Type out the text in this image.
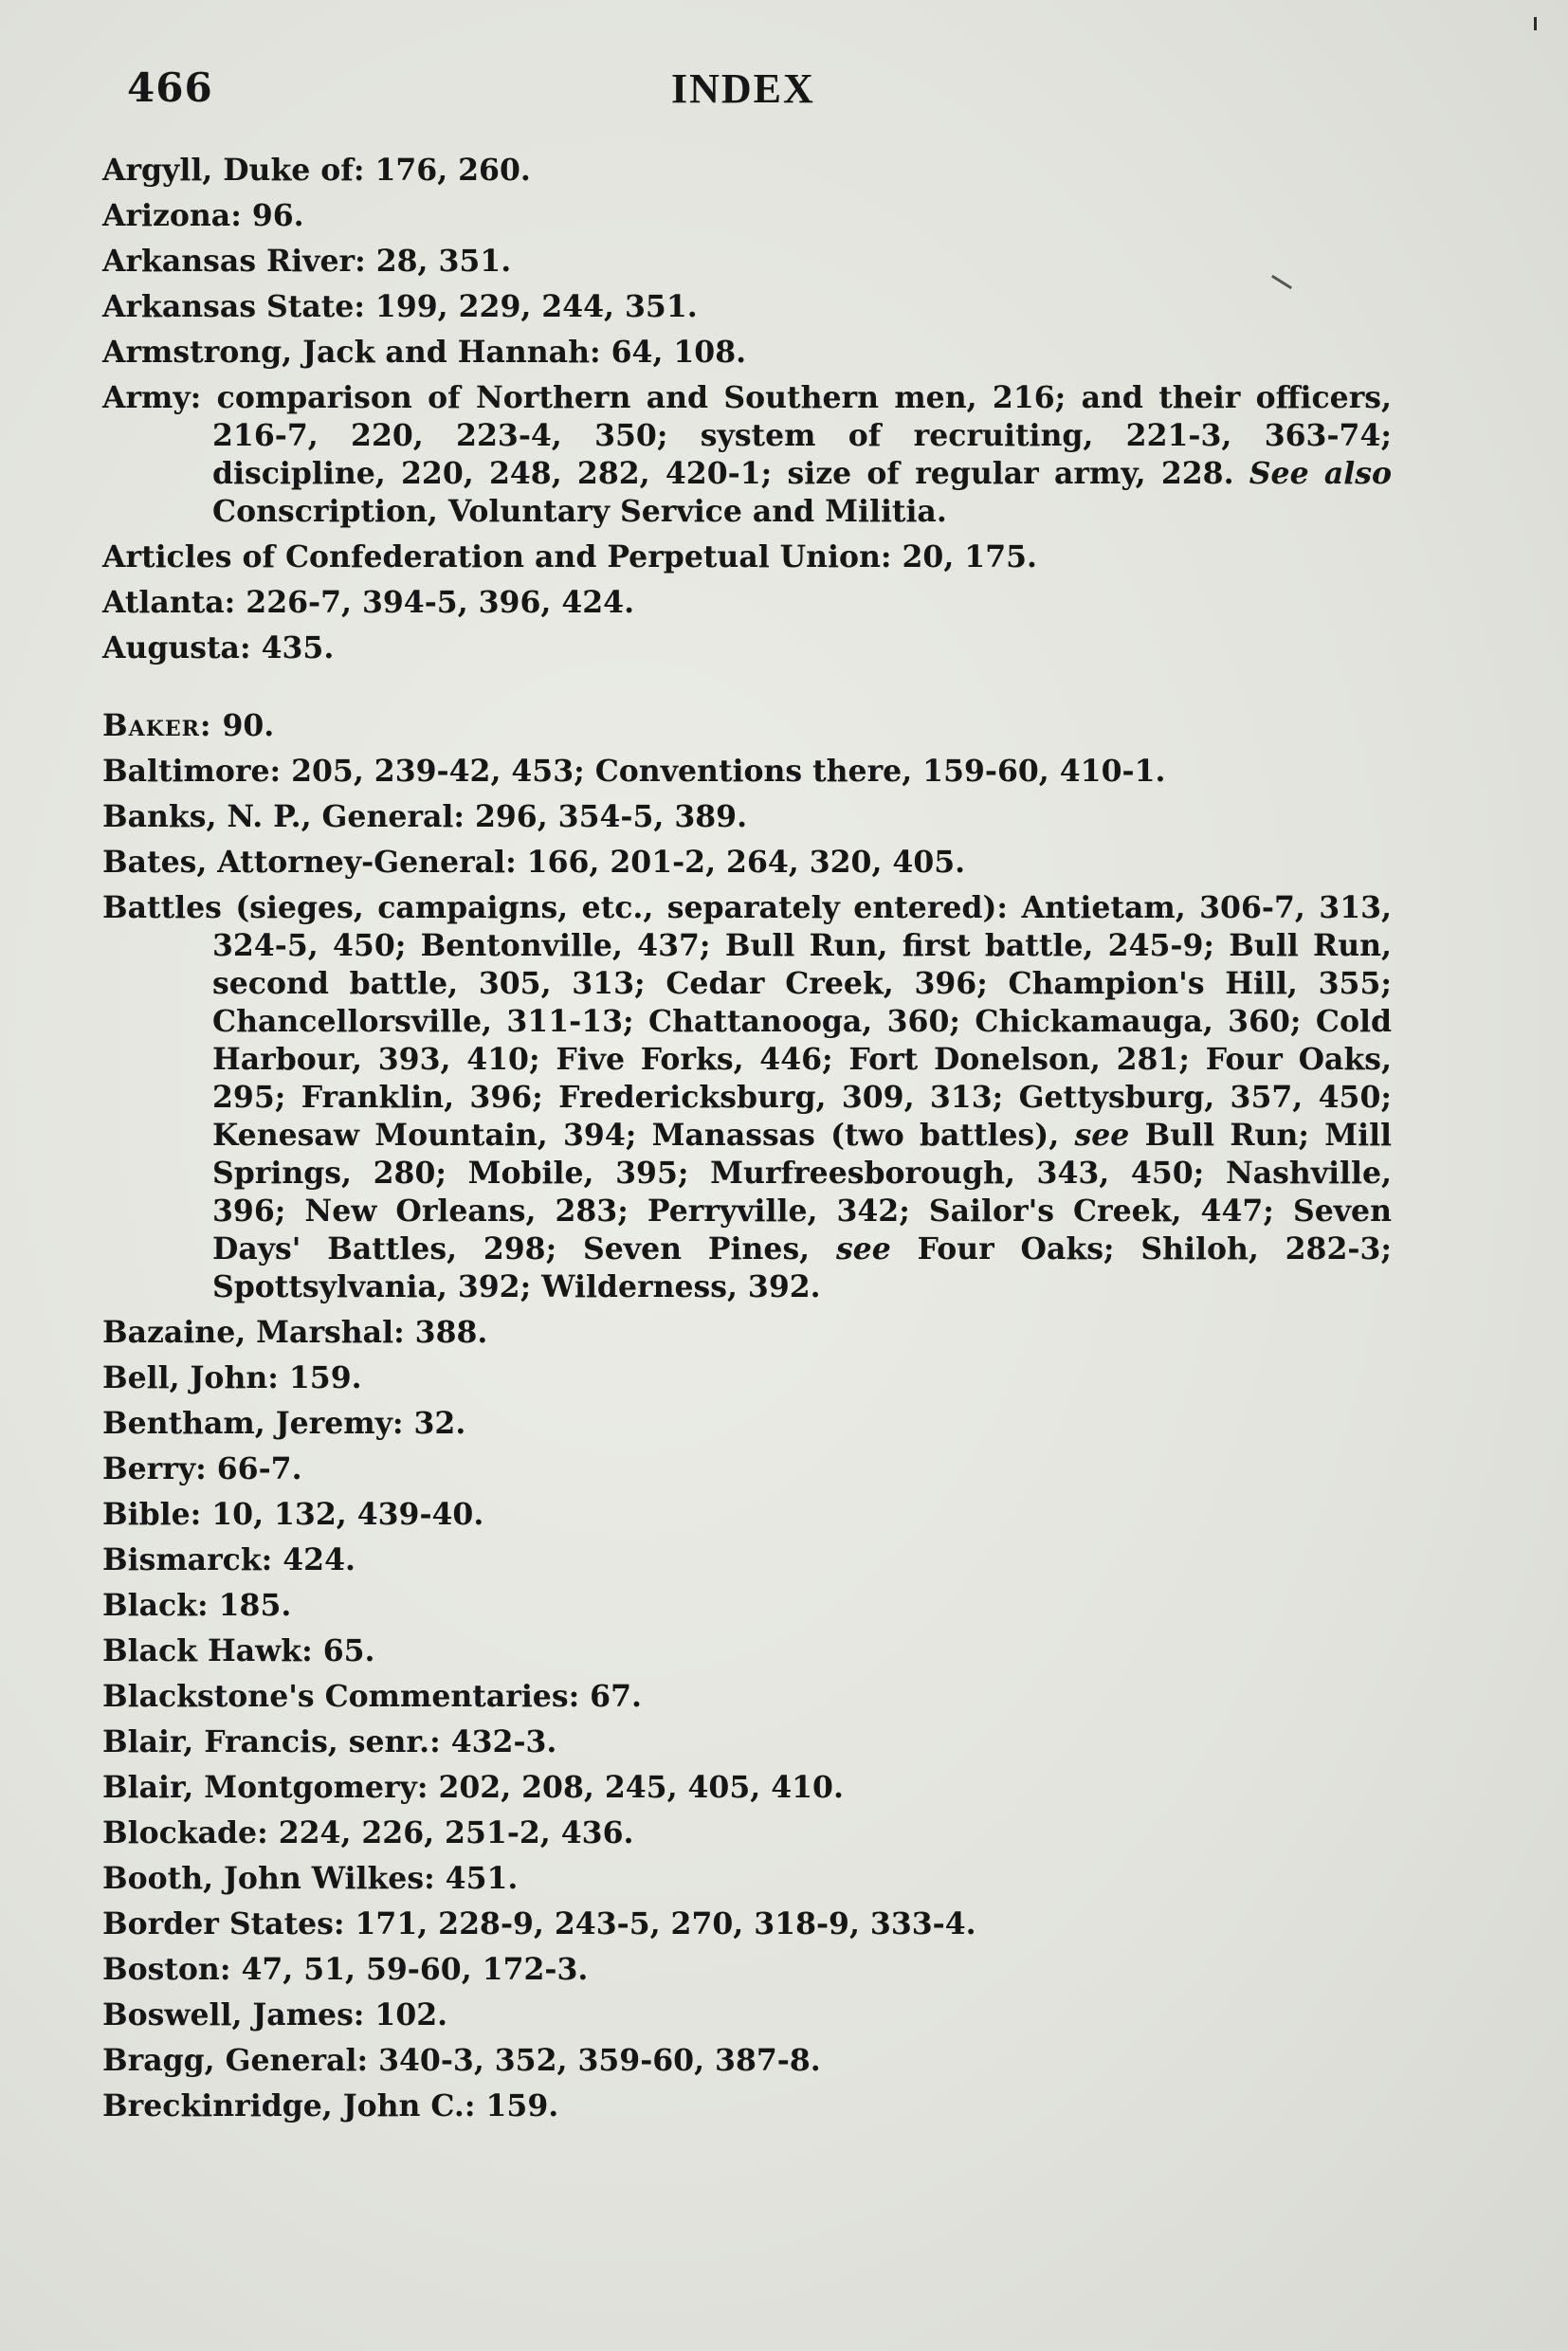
466	INDEX
Argyll, Duke of: 176, 260.
Arizona: 96.
Arkansas River: 28, 351.
Arkansas State: 199, 229, 244, 351.
Armstrong, Jack and Hannah: 64, 108.
Army: comparison of Northern and Southern men, 216; and their officers, 216-7, 220, 223-4, 350; system of recruiting, 221-3, 363-74; discipline, 220, 248, 282, 420-1; size of regular army, 228. See also Conscription, Voluntary Service and Militia.
Articles of Confederation and Perpetual Union: 20, 175.
Atlanta: 226-7, 394-5, 396, 424.
Augusta: 435.
Baker: 90.
Baltimore: 205, 239-42, 453; Conventions there, 159-60, 410-1.
Banks, N. P., General: 296, 354-5, 389.
Bates, Attorney-General: 166, 201-2, 264, 320, 405.
Battles (sieges, campaigns, etc., separately entered): Antietam, 306-7, 313, 324-5, 450; Bentonville, 437; Bull Run, first battle, 245-9; Bull Run, second battle, 305, 313; Cedar Creek, 396; Champion's Hill, 355; Chancellorsville, 311-13; Chattanooga, 360; Chickamauga, 360; Cold Harbour, 393, 410; Five Forks, 446; Fort Donelson, 281; Four Oaks, 295; Franklin, 396; Fredericksburg, 309, 313; Gettysburg, 357, 450; Kenesaw Mountain, 394; Manassas (two battles), see Bull Run; Mill Springs, 280; Mobile, 395; Murfreesborough, 343, 450; Nashville, 396; New Orleans, 283; Perryville, 342; Sailor's Creek, 447; Seven Days' Battles, 298; Seven Pines, see Four Oaks; Shiloh, 282-3; Spottsylvania, 392; Wilderness, 392.
Bazaine, Marshal: 388.
Bell, John: 159.
Bentham, Jeremy: 32.
Berry: 66-7.
Bible: 10, 132, 439-40.
Bismarck: 424.
Black: 185.
Black Hawk: 65.
Blackstone's Commentaries: 67.
Blair, Francis, senr.: 432-3.
Blair, Montgomery: 202, 208, 245, 405, 410.
Blockade: 224, 226, 251-2, 436.
Booth, John Wilkes: 451.
Border States: 171, 228-9, 243-5, 270, 318-9, 333-4.
Boston: 47, 51, 59-60, 172-3.
Boswell, James: 102.
Bragg, General: 340-3, 352, 359-60, 387-8.
Breckinridge, John C.: 159.
